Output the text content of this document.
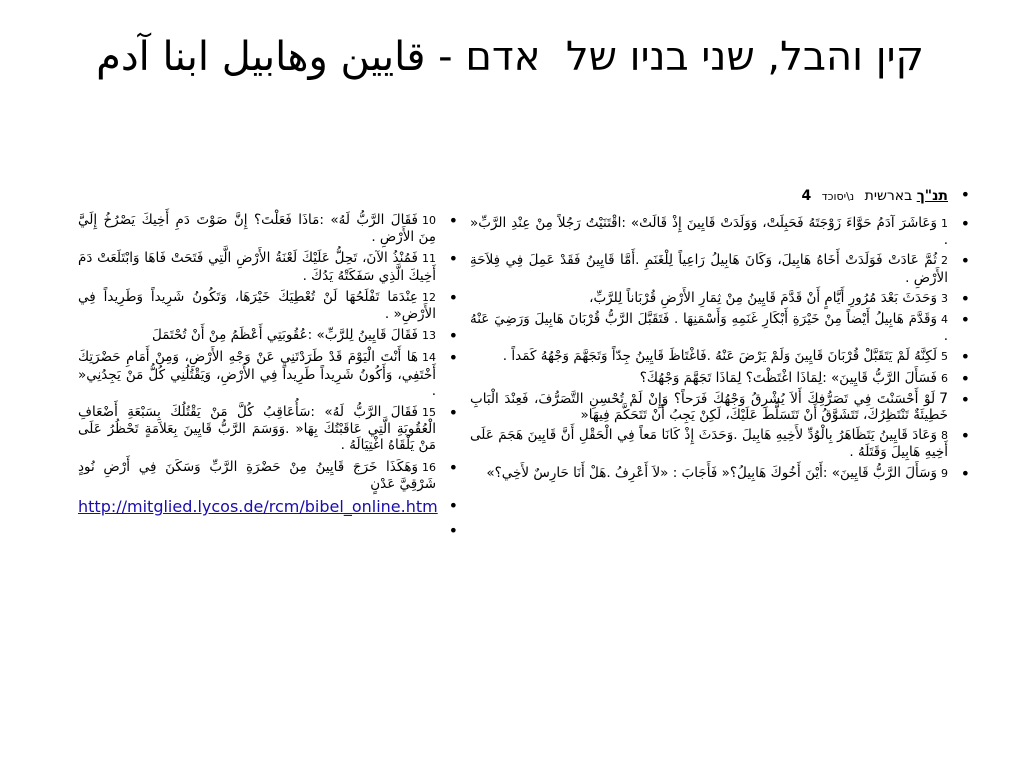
קין והבל, שני בניו של  אדם - قايين وهابيل ابنا آدم
•
תנ"ך בארשית נ\יסוכד 4
•
1وَعَاشَرَ آدَمُ حَوَّاءَ زَوْجَتَهُ فَحَبِلَتْ، وَوَلَدَتْ قَايِينَ إِذْ قَالَتْ» :اقْتَنَيْتُ رَجُلاً مِنْ عِنْدِ الرَّبِّ« .
•
2ثُمَّ عَادَتْ فَوَلَدَتْ أَخَاهُ هَابِيلَ، وَكَانَ هَابِيلُ رَاعِياً لِلْغَنَمِ .أَمَّا قَايِينُ فَقَدْ عَمِلَ فِي فِلاَحَةِ الأَرْضِ .
•
3وَحَدَثَ بَعْدَ مُرُورِ أَيَّامٍ أَنْ قَدَّمَ قَايِينُ مِنْ ثِمَارِ الأَرْضِ قُرْبَاناً لِلرَّبِّ،
•
4وَقَدَّمَ هَابِيلُ أَيْضاً مِنْ خَيْرَةِ أَبْكَارِ غَنَمِهِ وَأَسْمَنِهَا . فَتَقَبَّلَ الرَّبُّ قُرْبَانَ هَابِيلَ وَرَضِيَ عَنْهُ .
•
5لَكِنَّهُ لَمْ يَتَقَبَّلْ قُرْبَانَ قَايِينَ وَلَمْ يَرْضَ عَنْهُ .فَاغْتَاظَ قَايِينُ جِدّاً وَتَجَهَّمَ وَجْهُهُ كَمَداً .
•
6فَسَأَلَ الرَّبُّ قَايِينَ» :لِمَاذَا اغْتَظْتَ؟ لِمَاذَا تَجَهَّمَ وَجْهُكَ؟
•
7لَوْ أَحْسَنْتَ فِي تَصَرُّفِكَ أَلاَ يُشْرِقُ وَجْهُكَ فَرَحاً؟ وَإِنْ لَمْ تُحْسِنِ التَّصَرُّفَ، فَعِنْدَ الْبَابِ خَطِيئَةٌ تَنْتَظِرُكَ، تَتَشَوَّقُ أَنْ تَتَسَلَّطَ عَلَيْكَ، لَكِنْ يَجِبُ أَنْ تَتَحَكَّمَ فِيهَا«
•
8وَعَادَ قَايِينُ يَتَظَاهَرُ بِالْوُدِّ لأَخِيهِ هَابِيلَ .وَحَدَثَ إِذْ كَانَا مَعاً فِي الْحَقْلِ أَنَّ قَايِينَ هَجَمَ عَلَى أَخِيهِ هَابِيلَ وَقَتَلَهُ .
•
9وَسَأَلَ الرَّبُّ قَايِينَ» :أَيْنَ أَخُوكَ هَابِيلُ؟« فَأَجَابَ : «لاَ أَعْرِفُ .هَلْ أَنَا حَارِسٌ لأَخِي؟»
•
10فَقَالَ الرَّبُّ لَهُ» :مَاذَا فَعَلْتَ؟ إِنَّ صَوْتَ دَمِ أَخِيكَ يَصْرُخُ إِلَيَّ مِنَ الأَرْضِ .
•
11فَمُنْذُ الآنَ، تَحِلُّ عَلَيْكَ لَعْنَةُ الأَرْضِ الَّتِي فَتَحَتْ فَاهَا وَابْتَلَعَتْ دَمَ أَخِيكَ الَّذِي سَفَكَتْهُ يَدُكَ .
•
12عِنْدَمَا تَفْلَحُهَا لَنْ تُعْطِيَكَ خَيْرَهَا، وَتَكُونُ شَرِيداً وَطَرِيداً فِي الأَرْضِ« .
•
13فَقَالَ قَايِينُ لِلرَّبِّ» :عُقُوبَتِي أَعْظَمُ مِنْ أَنْ تُحْتَمَلَ
•
14هَا أَنْتَ الْيَوْمَ قَدْ طَرَدْتَنِي عَنْ وَجْهِ الأَرْضِ، وَمِنْ أَمَامِ حَضْرَتِكَ أَخْتَفِي، وَأَكُونُ شَرِيداً طَرِيداً فِي الأَرْضِ، وَيَقْتُلُنِي كُلُّ مَنْ يَجِدُنِي« .
•
15فَقَالَ الرَّبُّ لَهُ» :سَأُعَاقِبُ كُلَّ مَنْ يَقْتُلُكَ بِسَبْعَةِ أَضْعَافِ الْعُقُوبَةِ الَّتِي عَاقَبْتُكَ بِهَا« .وَوَسَمَ الرَّبُّ قَايِينَ بِعَلاَمَةٍ تَحْظُرُ عَلَى مَنْ يَلْقَاهُ اغْتِيَالَهُ .
•
16وَهَكَذَا خَرَجَ قَايِينُ مِنْ حَضْرَةِ الرَّبِّ وَسَكَنَ فِي أَرْضِ نُودٍ شَرْقِيَّ عَدْنٍ
•
http://mitglied.lycos.de/rcm/bibel_online.htm
•
